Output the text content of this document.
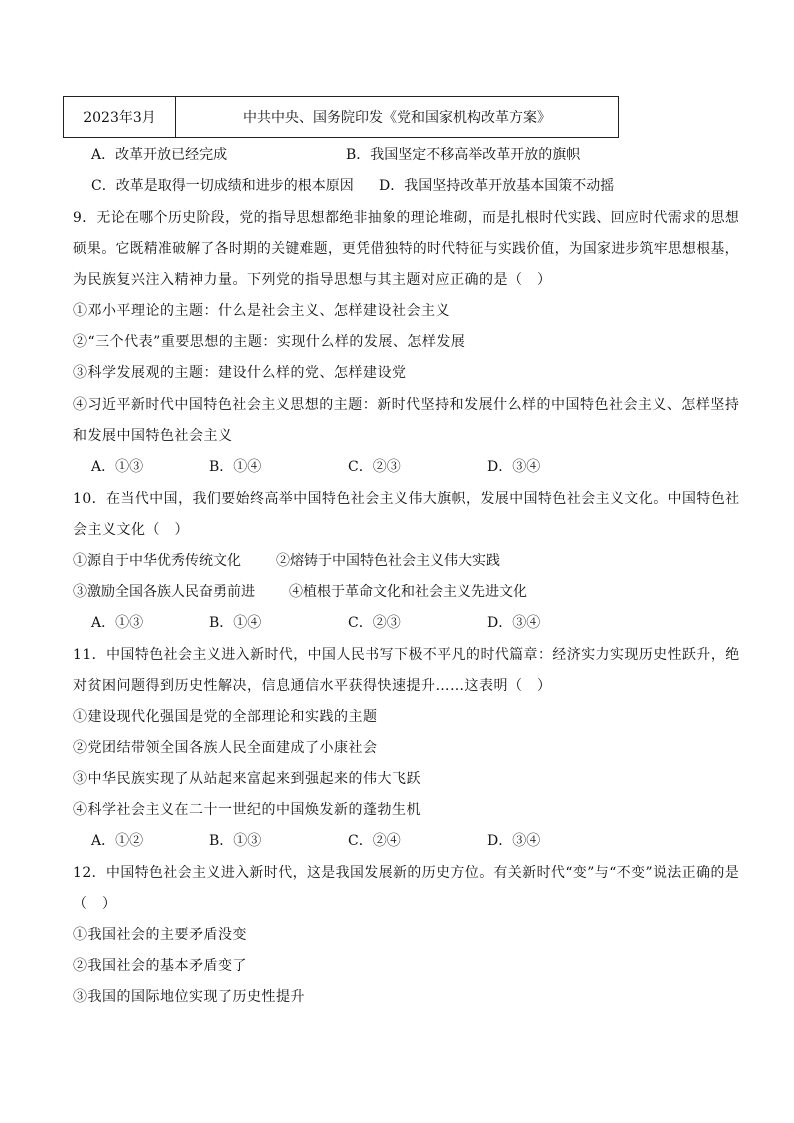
2023年3月	中共中央、国务院印发《党和国家机构改革方案》
A．改革开放已经完成	B．我国坚定不移高举改革开放的旗帜
C．改革是取得一切成绩和进步的根本原因 D．我国坚持改革开放基本国策不动摇
9．无论在哪个历史阶段，党的指导思想都绝非抽象的理论堆砌，而是扎根时代实践、回应时代需求的思想
硕果。它既精准破解了各时期的关键难题，更凭借独特的时代特征与实践价值，为国家进步筑牢思想根基，
为民族复兴注入精神力量。下列党的指导思想与其主题对应正确的是（　）
①邓小平理论的主题：什么是社会主义、怎样建设社会主义
②“三个代表”重要思想的主题：实现什么样的发展、怎样发展
③科学发展观的主题：建设什么样的党、怎样建设党
④习近平新时代中国特色社会主义思想的主题：新时代坚持和发展什么样的中国特色社会主义、怎样坚持
和发展中国特色社会主义
A．①③	B．①④	C．②③	D．③④
10．在当代中国，我们要始终高举中国特色社会主义伟大旗帜，发展中国特色社会主义文化。中国特色社
会主义文化（　）
①源自于中华优秀传统文化	②熔铸于中国特色社会主义伟大实践
③激励全国各族人民奋勇前进 ④植根于革命文化和社会主义先进文化
A．①③	B．①④	C．②③	D．③④
11．中国特色社会主义进入新时代，中国人民书写下极不平凡的时代篇章：经济实力实现历史性跃升，绝
对贫困问题得到历史性解决，信息通信水平获得快速提升……这表明（　）
①建设现代化强国是党的全部理论和实践的主题
②党团结带领全国各族人民全面建成了小康社会
③中华民族实现了从站起来富起来到强起来的伟大飞跃
④科学社会主义在二十一世纪的中国焕发新的蓬勃生机
A．①②	B．①③	C．②④	D．③④
12．中国特色社会主义进入新时代，这是我国发展新的历史方位。有关新时代“变”与“不变”说法正确的是
（　）
①我国社会的主要矛盾没变
②我国社会的基本矛盾变了
③我国的国际地位实现了历史性提升
